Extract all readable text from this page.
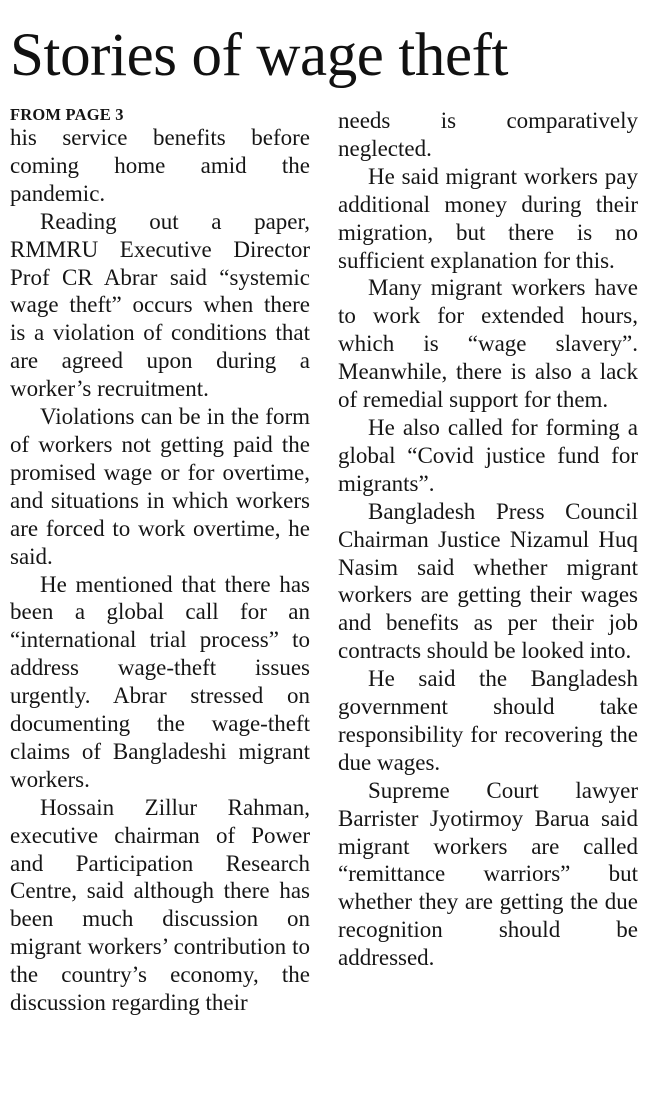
Stories of wage theft
FROM PAGE 3

his service benefits before coming home amid the pandemic.

Reading out a paper, RMMRU Executive Director Prof CR Abrar said “systemic wage theft” occurs when there is a violation of conditions that are agreed upon during a worker’s recruitment.

Violations can be in the form of workers not getting paid the promised wage or for overtime, and situations in which workers are forced to work overtime, he said.

He mentioned that there has been a global call for an “international trial process” to address wage-theft issues urgently. Abrar stressed on documenting the wage-theft claims of Bangladeshi migrant workers.

Hossain Zillur Rahman, executive chairman of Power and Participation Research Centre, said although there has been much discussion on migrant workers’ contribution to the country’s economy, the discussion regarding their

needs is comparatively neglected.

He said migrant workers pay additional money during their migration, but there is no sufficient explanation for this.

Many migrant workers have to work for extended hours, which is “wage slavery”. Meanwhile, there is also a lack of remedial support for them.

He also called for forming a global “Covid justice fund for migrants”.

Bangladesh Press Council Chairman Justice Nizamul Huq Nasim said whether migrant workers are getting their wages and benefits as per their job contracts should be looked into.

He said the Bangladesh government should take responsibility for recovering the due wages.

Supreme Court lawyer Barrister Jyotirmoy Barua said migrant workers are called “remittance warriors” but whether they are getting the due recognition should be addressed.
